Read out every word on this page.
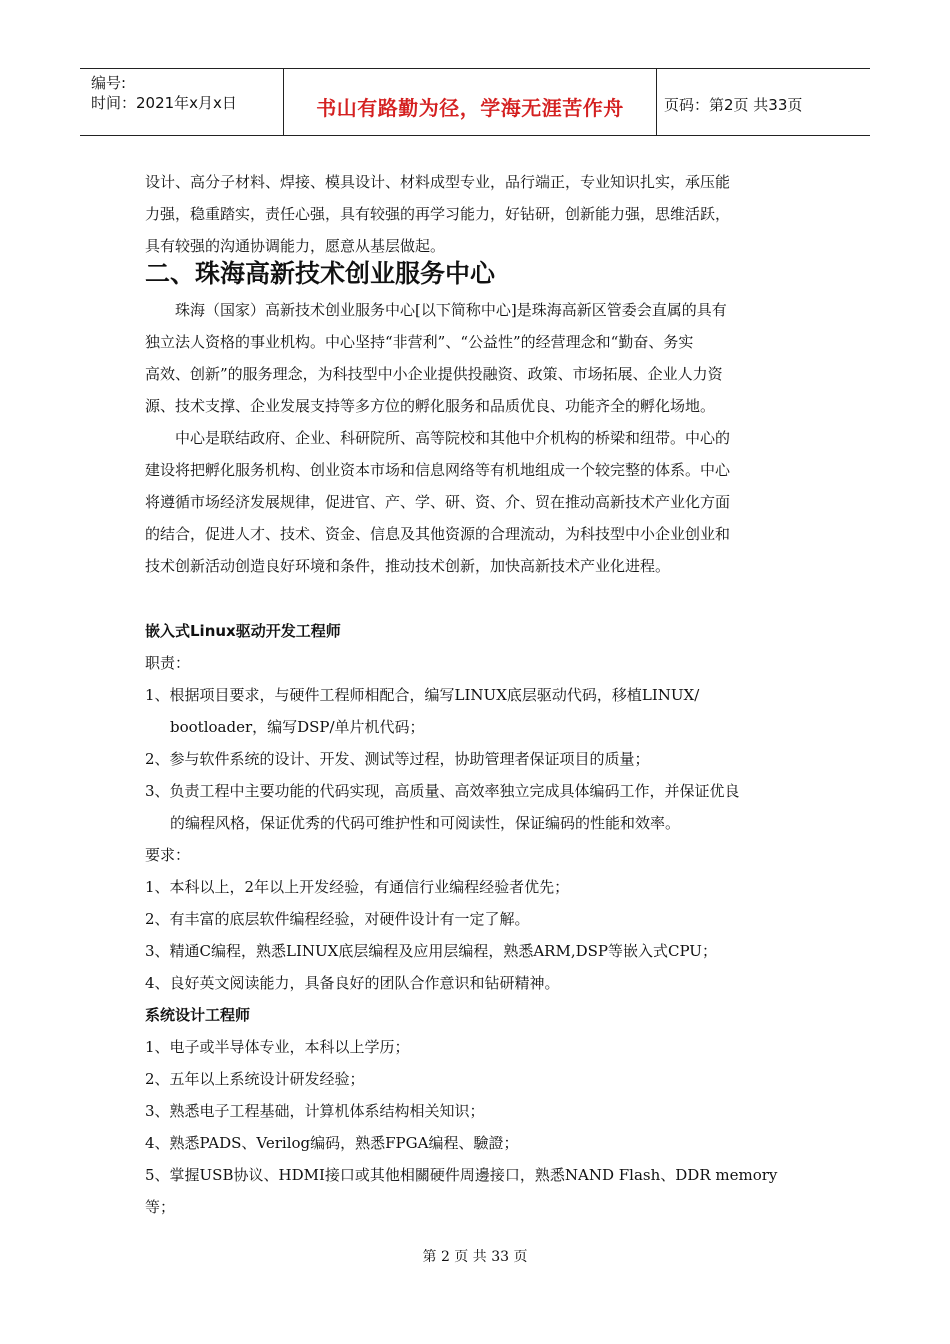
编号:
时间：2021年x月x日	书山有路勤为径，学海无涯苦作舟	页码：第2页 共33页
设计、高分子材料、焊接、模具设计、材料成型专业，品行端正，专业知识扎实，承压能
力强，稳重踏实，责任心强，具有较强的再学习能力，好钻研，创新能力强，思维活跃，
具有较强的沟通协调能力，愿意从基层做起。
二、珠海高新技术创业服务中心
珠海（国家）高新技术创业服务中心[以下简称中心]是珠海高新区管委会直属的具有
独立法人资格的事业机构。中心坚持“非营利”、“公益性”的经营理念和“勤奋、务实
高效、创新”的服务理念，为科技型中小企业提供投融资、政策、市场拓展、企业人力资
源、技术支撑、企业发展支持等多方位的孵化服务和品质优良、功能齐全的孵化场地。
中心是联结政府、企业、科研院所、高等院校和其他中介机构的桥梁和纽带。中心的
建设将把孵化服务机构、创业资本市场和信息网络等有机地组成一个较完整的体系。中心
将遵循市场经济发展规律，促进官、产、学、研、资、介、贸在推动高新技术产业化方面
的结合，促进人才、技术、资金、信息及其他资源的合理流动，为科技型中小企业创业和
技术创新活动创造良好环境和条件，推动技术创新，加快高新技术产业化进程。
嵌入式Linux驱动开发工程师
职责：
1、根据项目要求，与硬件工程师相配合，编写LINUX底层驱动代码，移植LINUX/
bootloader，编写DSP/单片机代码；
2、参与软件系统的设计、开发、测试等过程，协助管理者保证项目的质量；
3、负责工程中主要功能的代码实现，高质量、高效率独立完成具体编码工作，并保证优良
的编程风格，保证优秀的代码可维护性和可阅读性，保证编码的性能和效率。
要求：
1、本科以上，2年以上开发经验，有通信行业编程经验者优先；
2、有丰富的底层软件编程经验，对硬件设计有一定了解。
3、精通C编程，熟悉LINUX底层编程及应用层编程，熟悉ARM,DSP等嵌入式CPU；
4、良好英文阅读能力，具备良好的团队合作意识和钻研精神。
系统设计工程师
1、电子或半导体专业，本科以上学历；
2、五年以上系统设计研发经验；
3、熟悉电子工程基础，计算机体系结构相关知识；
4、熟悉PADS、Verilog编码，熟悉FPGA编程、驗證；
5、掌握USB协议、HDMI接口或其他相關硬件周邊接口，熟悉NAND Flash、DDR memory
等；
第 2 页 共 33 页
